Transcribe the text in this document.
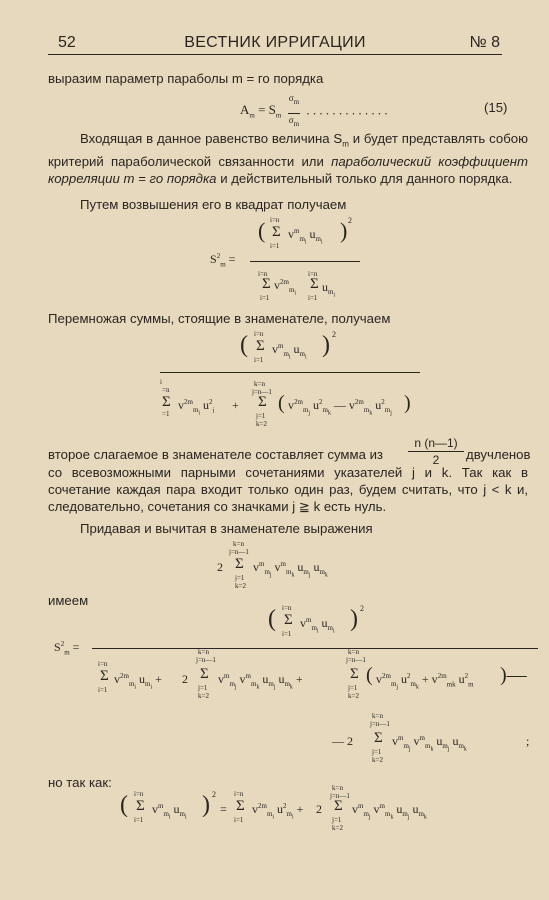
52	ВЕСТНИК ИРРИГАЦИИ	№ 8
выразим параметр параболы m = го порядка
$A_m = S_m$  $\sigma_m$

$\sigma_m$  . . . . . . . . . . . . .	(15)
Входящая в данное равенство величина $S_m$ и будет представлять собою критерий параболической связанности или параболический коэффициент корреляции m = го порядка и действительный только для данного порядка.
Путем возвышения его в квадрат получаем
( i=n
Σ
i=1
$v^m_{m_i}$ $u_{m_i}$ ) 2
$S^2_m$ =
i=n
Σ
i=1
$v^{2m}_{m_i}$
i=n
Σ
i=1
$u_{m_i}$
Перемножая суммы, стоящие в знаменателе, получаем
( i=n
Σ
i=1
$v^m_{m_i}$ $u_{m_i}$ ) 2
i
=n
Σ
=1
$v^{2m}_{m_i}$ $u^2_i$ +
k=n
j=n—1
Σ
j=1
k=2
( $v^{2m}_{m_j}$ $u^2_{m_k}$ — $v^{2m}_{m_k}$ $u^2_{m_j}$ )
второе слагаемое в знаменателе составляет сумма из
n (n—1)
2	двучленов
со всевозможными парными сочетаниями указателей j и k. Так как в сочетание каждая пара входит только один раз, будем считать, что j < k и, следовательно, сочетания со значками j ≧ k есть нуль.
Придавая и вычитая в знаменателе выражения
k=n
j=n—1
2 Σ
j=1
k=2
$v^m_{m_j}$ $v^m_{m_k}$ $u_{m_j}$ $u_{m_k}$
имеем
( i=n
Σ
i=1
$v^m_{m_i}$ $u_{m_i}$ ) 2
$S^2_m$ =
i=n
Σ
i=1
$v^{2m}_{m_i}$ $u_{m_i} + 2$
k=n
j=n—1
Σ
j=1
k=2
$v^m_{m_j}$ $v^m_{m_k}$ $u_{m_j}$ $u_{m_k}$ +
k=n
j=n—1
Σ
j=1
k=2
( $v^{2m}_{m_j}$ $u^2_{m_k} + v^{2m}_{mk}$ $u^2_m$ )—
k=n
j=n—1
— 2 Σ
j=1
k=2
$v^m_{m_j}$ $v^m_{m_k}$ $u_{m_j}$ $u_{m_k}$
;
но так как:
( i=n
Σ
i=1
$v^m_{m_i}$ $u_{m_i}$ ) 2
=
i=n
Σ
i=1
$v^{2m}_{m_i}$ $u^2_{m_i} + 2$
k=n
j=n—1
Σ
j=1
k=2
$v^m_{m_j}$ $v^m_{m_k}$ $u_{m_j}$ $u_{m_k}$
